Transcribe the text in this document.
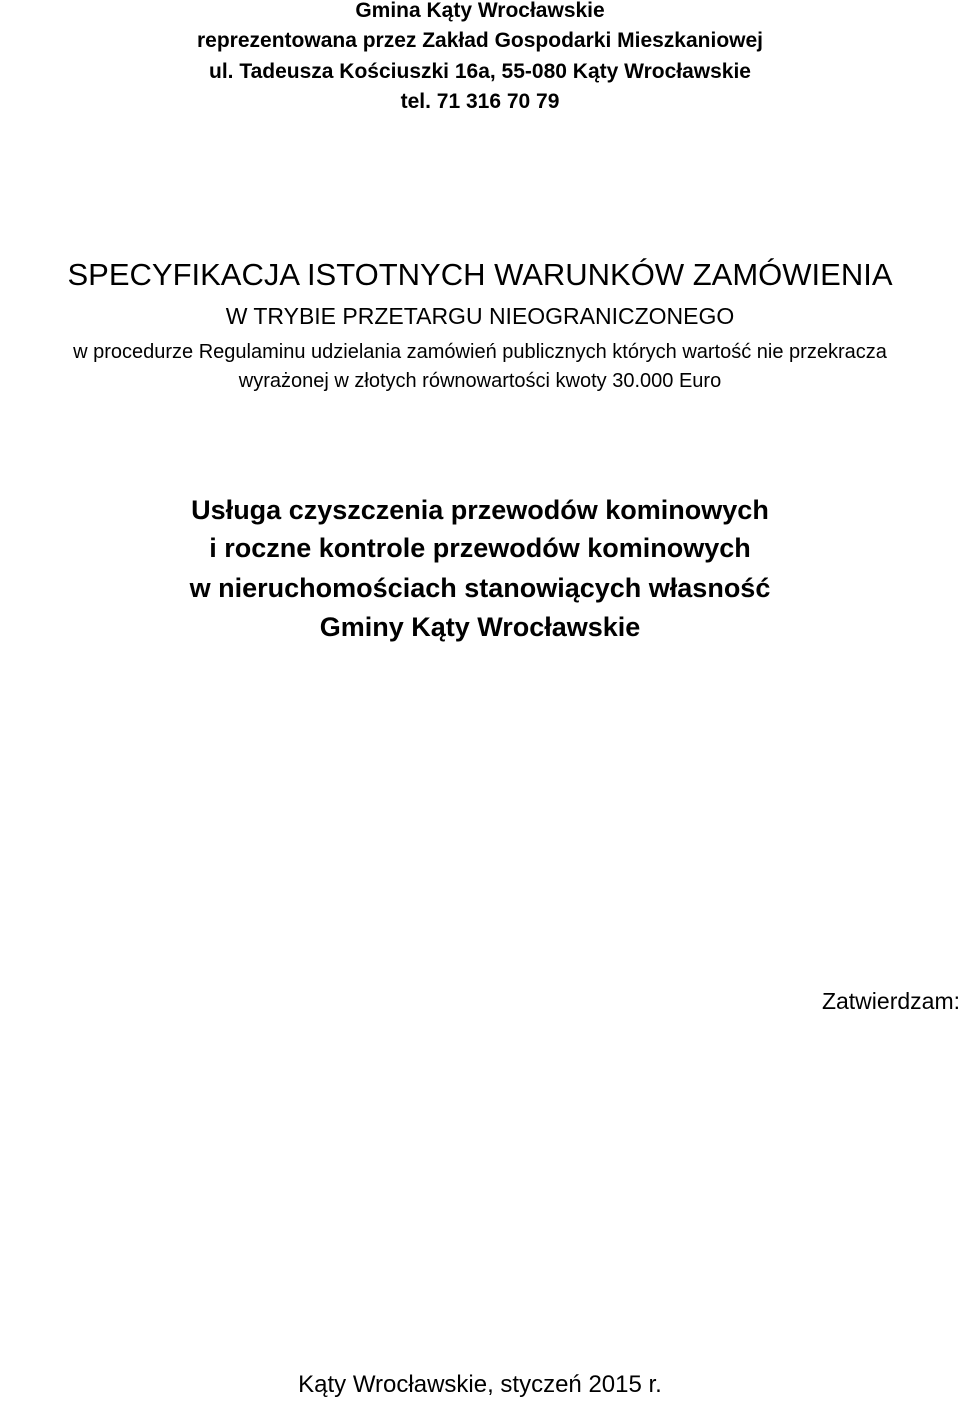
Gmina Kąty Wrocławskie

reprezentowana przez Zakład Gospodarki Mieszkaniowej

ul. Tadeusza Kościuszki 16a, 55-080 Kąty Wrocławskie

tel. 71 316 70 79

SPECYFIKACJA ISTOTNYCH WARUNKÓW ZAMÓWIENIA

W TRYBIE PRZETARGU NIEOGRANICZONEGO

w procedurze Regulaminu udzielania zamówień publicznych których wartość nie przekracza

wyrażonej w złotych równowartości kwoty 30.000 Euro

Usługa czyszczenia przewodów kominowych

i roczne kontrole przewodów kominowych

w nieruchomościach stanowiących własność

Gminy Kąty Wrocławskie

Zatwierdzam:

Kąty Wrocławskie, styczeń 2015 r.
